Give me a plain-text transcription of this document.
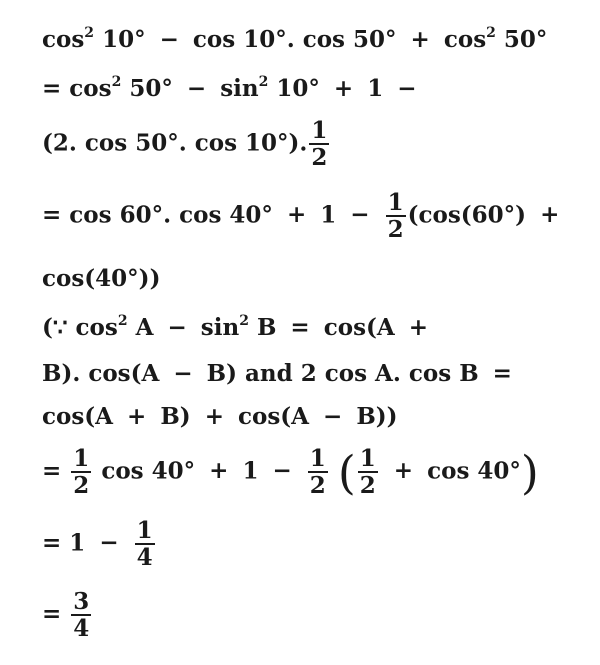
$\cos^2 10^\circ - \cos 10^\circ$. $\cos 50^\circ + \cos^2 50^\circ$
= $\cos^2 50^\circ - \sin^2 10^\circ + 1$ −
(2. cos 50°. cos 10°). $\frac{1}{2}$
= cos 60°. $\cos 40^\circ + 1 - \frac{1}{2} (\cos(60^\circ)$ +
cos(40°))
(∵ $\cos^2 A - \sin^2 B = \cos(A$ +
B). cos(A − B) and 2 cos A. cos B =
cos(A + B) + cos(A − B))
= $\frac{1}{2}$ $\cos 40^\circ + 1 - \frac{1}{2}$ ( $\frac{1}{2} + \cos 40^\circ$)
= $1 - \frac{1}{4}$
= $\frac{3}{4}$
